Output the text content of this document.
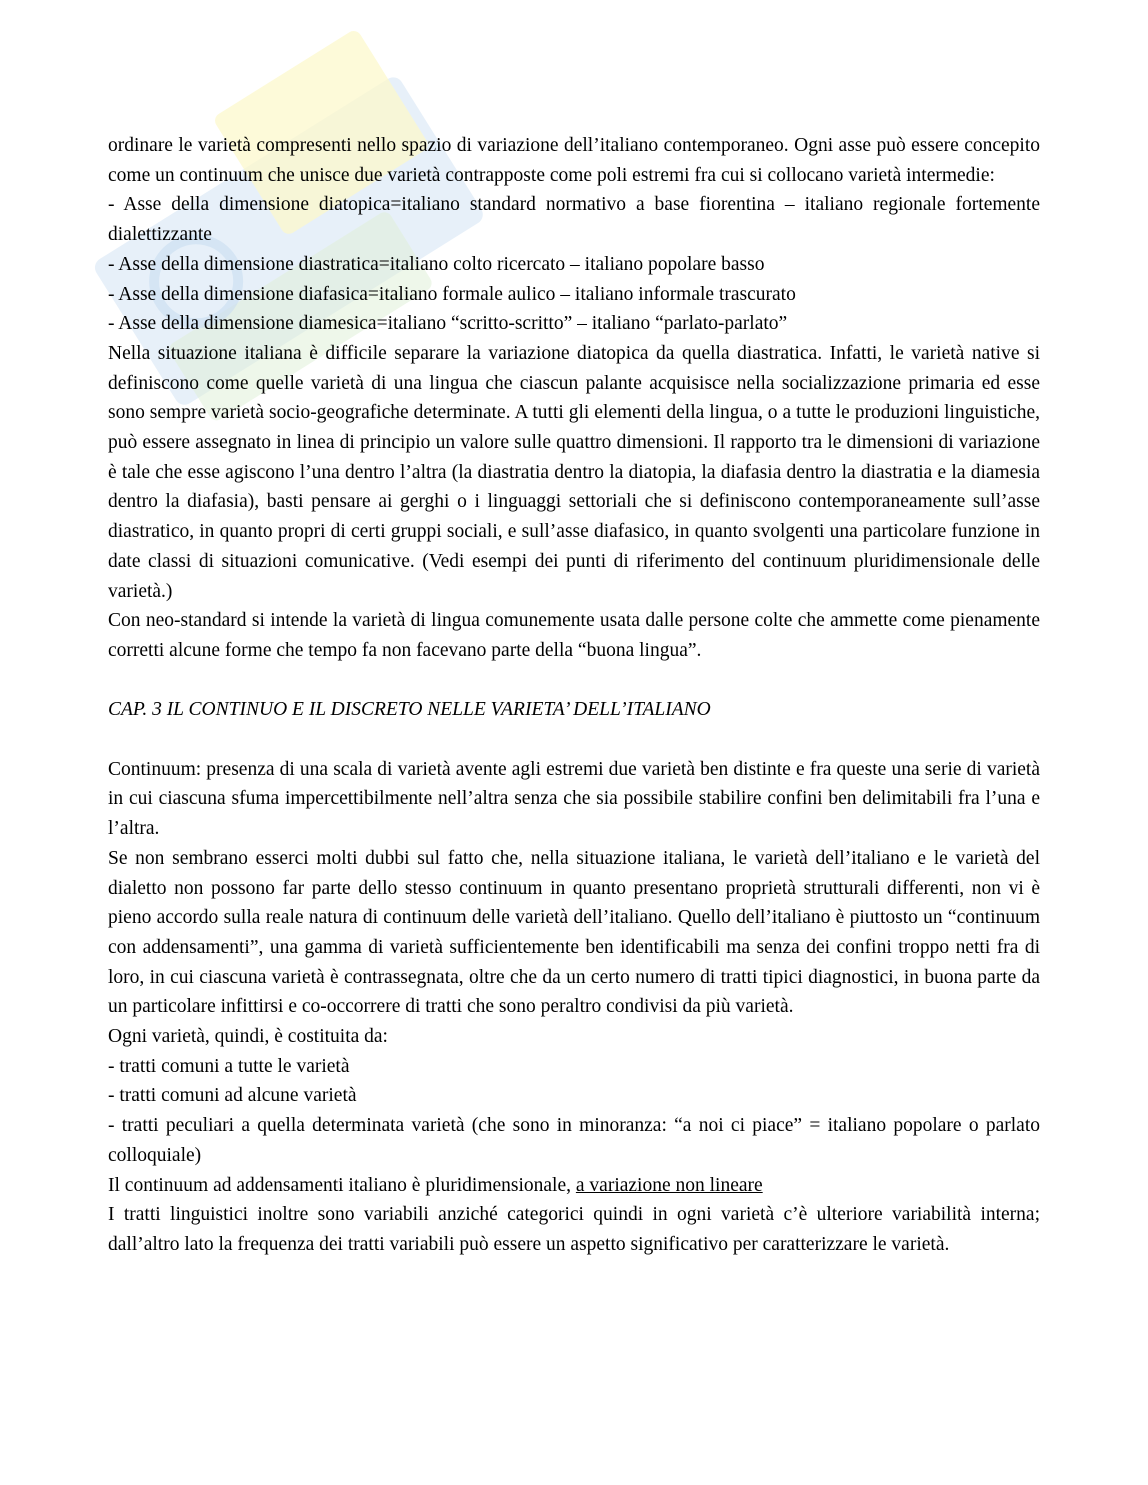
ordinare le varietà compresenti nello spazio di variazione dell’italiano contemporaneo. Ogni asse può essere concepito come un continuum che unisce due varietà contrapposte come poli estremi fra cui si collocano varietà intermedie:

- Asse della dimensione diatopica=italiano standard normativo a base fiorentina – italiano regionale fortemente dialettizzante

- Asse della dimensione diastratica=italiano colto ricercato – italiano popolare basso

- Asse della dimensione diafasica=italiano formale aulico – italiano informale trascurato

- Asse della dimensione diamesica=italiano “scritto-scritto” – italiano “parlato-parlato”

Nella situazione italiana è difficile separare la variazione diatopica da quella diastratica. Infatti, le varietà native si definiscono come quelle varietà di una lingua che ciascun palante acquisisce nella socializzazione primaria ed esse sono sempre varietà socio-geografiche determinate. A tutti gli elementi della lingua, o a tutte le produzioni linguistiche, può essere assegnato in linea di principio un valore sulle quattro dimensioni. Il rapporto tra le dimensioni di variazione è tale che esse agiscono l’una dentro l’altra (la diastratia dentro la diatopia, la diafasia dentro la diastratia e la diamesia dentro la diafasia), basti pensare ai gerghi o i linguaggi settoriali che si definiscono contemporaneamente sull’asse diastratico, in quanto propri di certi gruppi sociali, e sull’asse diafasico, in quanto svolgenti una particolare funzione in date classi di situazioni comunicative. (Vedi esempi dei punti di riferimento del continuum pluridimensionale delle varietà.)

Con neo-standard si intende la varietà di lingua comunemente usata dalle persone colte che ammette come pienamente corretti alcune forme che tempo fa non facevano parte della “buona lingua”.

CAP. 3 IL CONTINUO E IL DISCRETO NELLE VARIETA’ DELL’ITALIANO

Continuum: presenza di una scala di varietà avente agli estremi due varietà ben distinte e fra queste una serie di varietà in cui ciascuna sfuma impercettibilmente nell’altra senza che sia possibile stabilire confini ben delimitabili fra l’una e l’altra.

Se non sembrano esserci molti dubbi sul fatto che, nella situazione italiana, le varietà dell’italiano e le varietà del dialetto non possono far parte dello stesso continuum in quanto presentano proprietà strutturali differenti, non vi è pieno accordo sulla reale natura di continuum delle varietà dell’italiano. Quello dell’italiano è piuttosto un “continuum con addensamenti”, una gamma di varietà sufficientemente ben identificabili ma senza dei confini troppo netti fra di loro, in cui ciascuna varietà è contrassegnata, oltre che da un certo numero di tratti tipici diagnostici, in buona parte da un particolare infittirsi e co-occorrere di tratti che sono peraltro condivisi da più varietà.

Ogni varietà, quindi, è costituita da:

- tratti comuni a tutte le varietà

- tratti comuni ad alcune varietà

- tratti peculiari a quella determinata varietà (che sono in minoranza: “a noi ci piace” = italiano popolare o parlato colloquiale)

Il continuum ad addensamenti italiano è pluridimensionale, a variazione non lineare

I tratti linguistici inoltre sono variabili anziché categorici quindi in ogni varietà c’è ulteriore variabilità interna; dall’altro lato la frequenza dei tratti variabili può essere un aspetto significativo per caratterizzare le varietà.
